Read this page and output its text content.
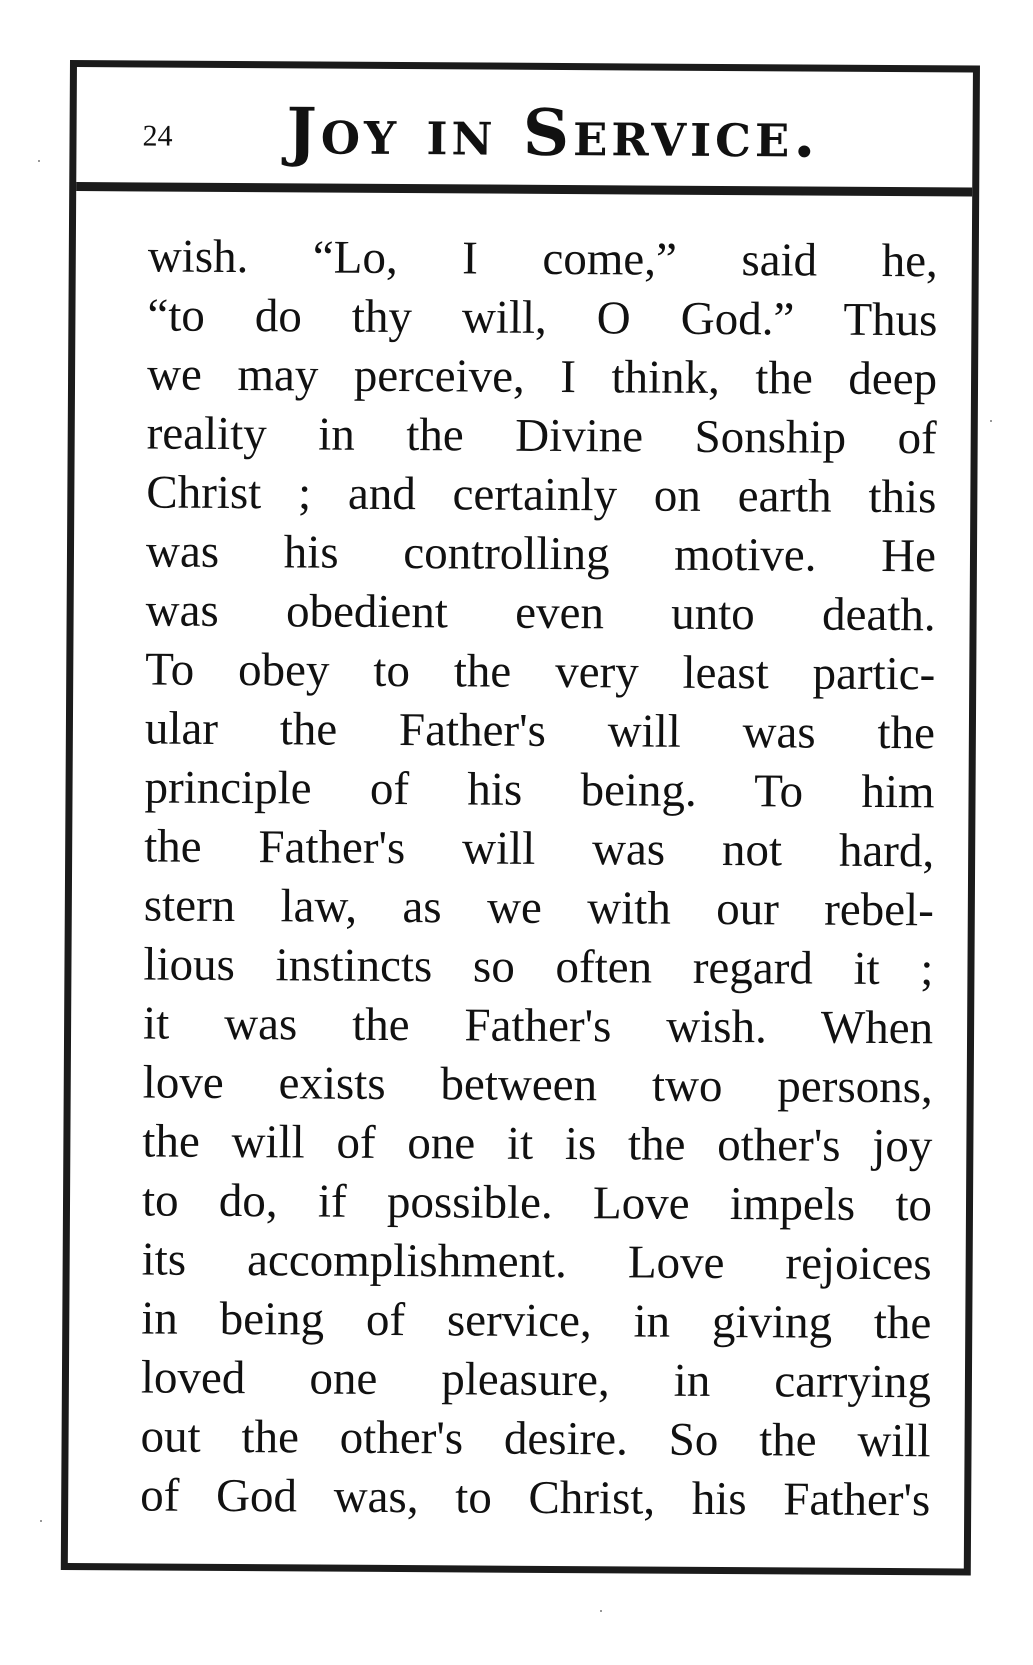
24 Joy in Service.
wish. “Lo, I come,” said he,
“to do thy will, O God.” Thus
we may perceive, I think, the deep
reality in the Divine Sonship of
Christ ; and certainly on earth this
was his controlling motive. He
was obedient even unto death.
To obey to the very least partic-
ular the Father's will was the
principle of his being. To him
the Father's will was not hard,
stern law, as we with our rebel-
lious instincts so often regard it ;
it was the Father's wish. When
love exists between two persons,
the will of one it is the other's joy
to do, if possible. Love impels to
its accomplishment. Love rejoices
in being of service, in giving the
loved one pleasure, in carrying
out the other's desire. So the will
of God was, to Christ, his Father's
